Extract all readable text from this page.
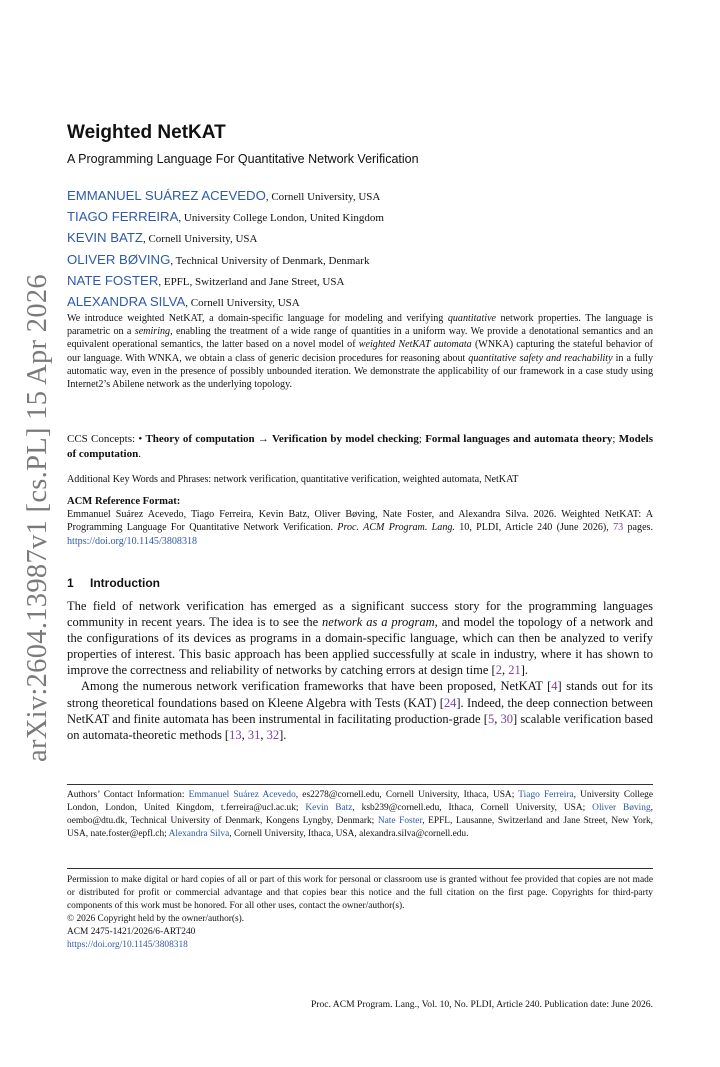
arXiv:2604.13987v1 [cs.PL] 15 Apr 2026
Weighted NetKAT
A Programming Language For Quantitative Network Verification
EMMANUEL SUÁREZ ACEVEDO, Cornell University, USA
TIAGO FERREIRA, University College London, United Kingdom
KEVIN BATZ, Cornell University, USA
OLIVER BØVING, Technical University of Denmark, Denmark
NATE FOSTER, EPFL, Switzerland and Jane Street, USA
ALEXANDRA SILVA, Cornell University, USA
We introduce weighted NetKAT, a domain-specific language for modeling and verifying quantitative network properties. The language is parametric on a semiring, enabling the treatment of a wide range of quantities in a uniform way. We provide a denotational semantics and an equivalent operational semantics, the latter based on a novel model of weighted NetKAT automata (WNKA) capturing the stateful behavior of our language. With WNKA, we obtain a class of generic decision procedures for reasoning about quantitative safety and reachability in a fully automatic way, even in the presence of possibly unbounded iteration. We demonstrate the applicability of our framework in a case study using Internet2’s Abilene network as the underlying topology.
CCS Concepts: • Theory of computation → Verification by model checking; Formal languages and automata theory; Models of computation.
Additional Key Words and Phrases: network verification, quantitative verification, weighted automata, NetKAT
ACM Reference Format:
Emmanuel Suárez Acevedo, Tiago Ferreira, Kevin Batz, Oliver Bøving, Nate Foster, and Alexandra Silva. 2026. Weighted NetKAT: A Programming Language For Quantitative Network Verification. Proc. ACM Program. Lang. 10, PLDI, Article 240 (June 2026), 73 pages. https://doi.org/10.1145/3808318
1 Introduction

The field of network verification has emerged as a significant success story for the programming languages community in recent years. The idea is to see the network as a program, and model the topology of a network and the configurations of its devices as programs in a domain-specific language, which can then be analyzed to verify properties of interest. This basic approach has been applied successfully at scale in industry, where it has shown to improve the correctness and reliability of networks by catching errors at design time [2, 21].

Among the numerous network verification frameworks that have been proposed, NetKAT [4] stands out for its strong theoretical foundations based on Kleene Algebra with Tests (KAT) [24]. Indeed, the deep connection between NetKAT and finite automata has been instrumental in facilitating production-grade [5, 30] scalable verification based on automata-theoretic methods [13, 31, 32].

Authors’ Contact Information: Emmanuel Suárez Acevedo, es2278@cornell.edu, Cornell University, Ithaca, USA; Tiago Ferreira, University College London, London, United Kingdom, t.ferreira@ucl.ac.uk; Kevin Batz, ksb239@cornell.edu, Ithaca, Cornell University, USA; Oliver Bøving, oembo@dtu.dk, Technical University of Denmark, Kongens Lyngby, Denmark; Nate Foster, EPFL, Lausanne, Switzerland and Jane Street, New York, USA, nate.foster@epfl.ch; Alexandra Silva, Cornell University, Ithaca, USA, alexandra.silva@cornell.edu.

Permission to make digital or hard copies of all or part of this work for personal or classroom use is granted without fee provided that copies are not made or distributed for profit or commercial advantage and that copies bear this notice and the full citation on the first page. Copyrights for third-party components of this work must be honored. For all other uses, contact the owner/author(s).

© 2026 Copyright held by the owner/author(s).

ACM 2475-1421/2026/6-ART240

https://doi.org/10.1145/3808318

Proc. ACM Program. Lang., Vol. 10, No. PLDI, Article 240. Publication date: June 2026.
